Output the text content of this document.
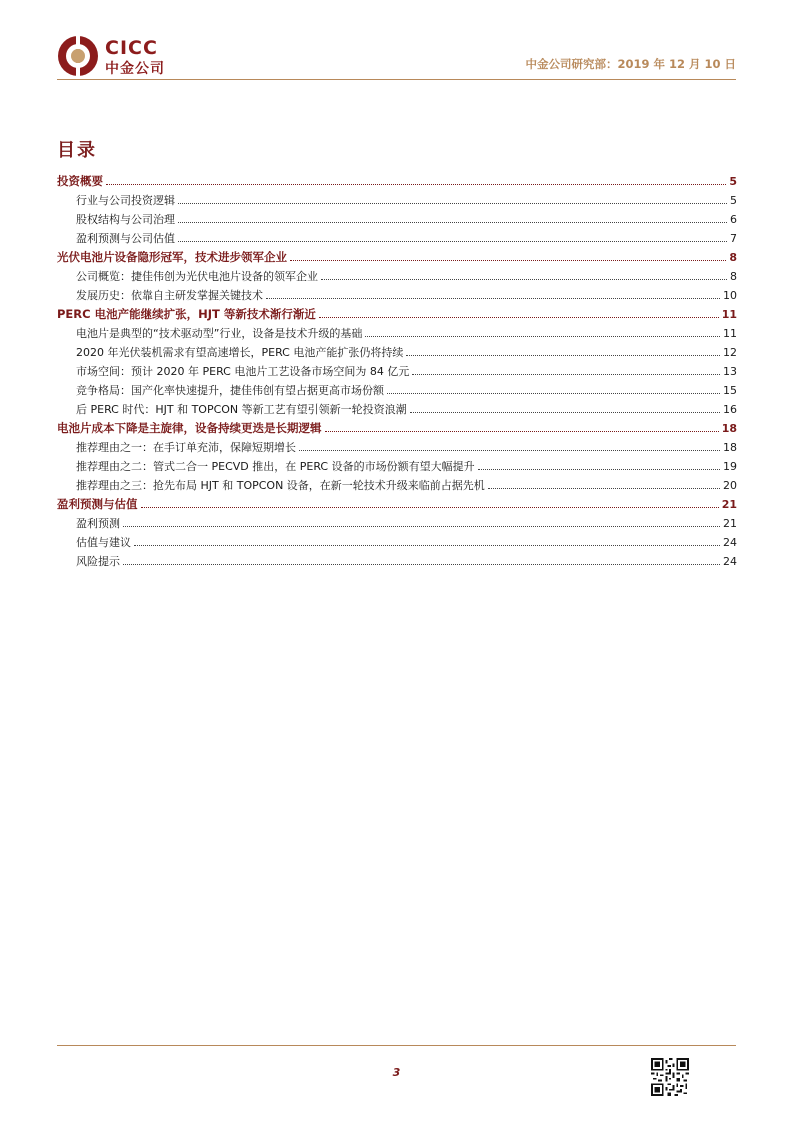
CICC
中金公司	中金公司研究部：2019 年 12 月 10 日
目录
投资概要	5
行业与公司投资逻辑	5
股权结构与公司治理	6
盈利预测与公司估值	7
光伏电池片设备隐形冠军，技术进步领军企业	8
公司概览：捷佳伟创为光伏电池片设备的领军企业	8
发展历史：依靠自主研发掌握关键技术	10
PERC 电池产能继续扩张，HJT 等新技术渐行渐近	11
电池片是典型的“技术驱动型”行业，设备是技术升级的基础	11
2020 年光伏装机需求有望高速增长，PERC 电池产能扩张仍将持续	12
市场空间：预计 2020 年 PERC 电池片工艺设备市场空间为 84 亿元	13
竞争格局：国产化率快速提升，捷佳伟创有望占据更高市场份额	15
后 PERC 时代：HJT 和 TOPCON 等新工艺有望引领新一轮投资浪潮	16
电池片成本下降是主旋律，设备持续更迭是长期逻辑	18
推荐理由之一：在手订单充沛，保障短期增长	18
推荐理由之二：管式二合一 PECVD 推出，在 PERC 设备的市场份额有望大幅提升	19
推荐理由之三：抢先布局 HJT 和 TOPCON 设备，在新一轮技术升级来临前占据先机	20
盈利预测与估值	21
盈利预测	21
估值与建议	24
风险提示	24
3
